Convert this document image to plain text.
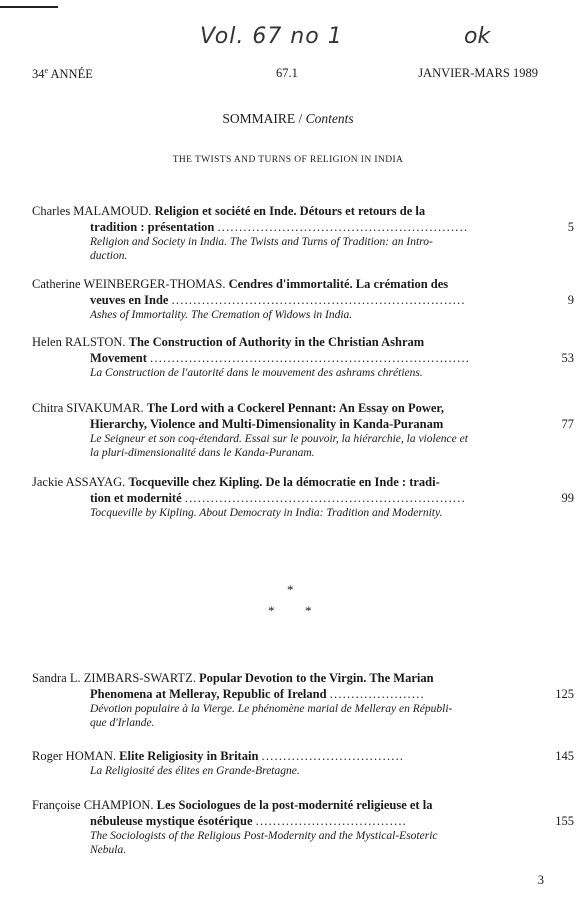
Vol. 67 no 1	ok
34e ANNÉE	67.1	JANVIER-MARS 1989
SOMMAIRE / Contents
THE TWISTS AND TURNS OF RELIGION IN INDIA
Charles MALAMOUD. Religion et société en Inde. Détours et retours de la
tradition : présentation ..........................................................	5
Religion and Society in India. The Twists and Turns of Tradition: an Intro-
duction.
Catherine WEINBERGER-THOMAS. Cendres d'immortalité. La crémation des
veuves en Inde ....................................................................	9
Ashes of Immortality. The Cremation of Widows in India.
Helen RALSTON. The Construction of Authority in the Christian Ashram
Movement ..........................................................................	53
La Construction de l'autorité dans le mouvement des ashrams chrétiens.
Chitra SIVAKUMAR. The Lord with a Cockerel Pennant: An Essay on Power,
Hierarchy, Violence and Multi-Dimensionality in Kanda-Puranam	77
Le Seigneur et son coq-étendard. Essai sur le pouvoir, la hiérarchie, la violence et
la pluri-dimensionalité dans le Kanda-Puranam.
Jackie ASSAYAG. Tocqueville chez Kipling. De la démocratie en Inde : tradi-
tion et modernité .................................................................	99
Tocqueville by Kipling. About Democraty in India: Tradition and Modernity.
*
* *
Sandra L. ZIMBARS-SWARTZ. Popular Devotion to the Virgin. The Marian
Phenomena at Melleray, Republic of Ireland ......................	125
Dévotion populaire à la Vierge. Le phénomène marial de Melleray en Républi-
que d'Irlande.
Roger HOMAN. Elite Religiosity in Britain .................................	145
La Religiosité des élites en Grande-Bretagne.
Françoise CHAMPION. Les Sociologues de la post-modernité religieuse et la
nébuleuse mystique ésotérique ...................................	155
The Sociologists of the Religious Post-Modernity and the Mystical-Esoteric
Nebula.
3
